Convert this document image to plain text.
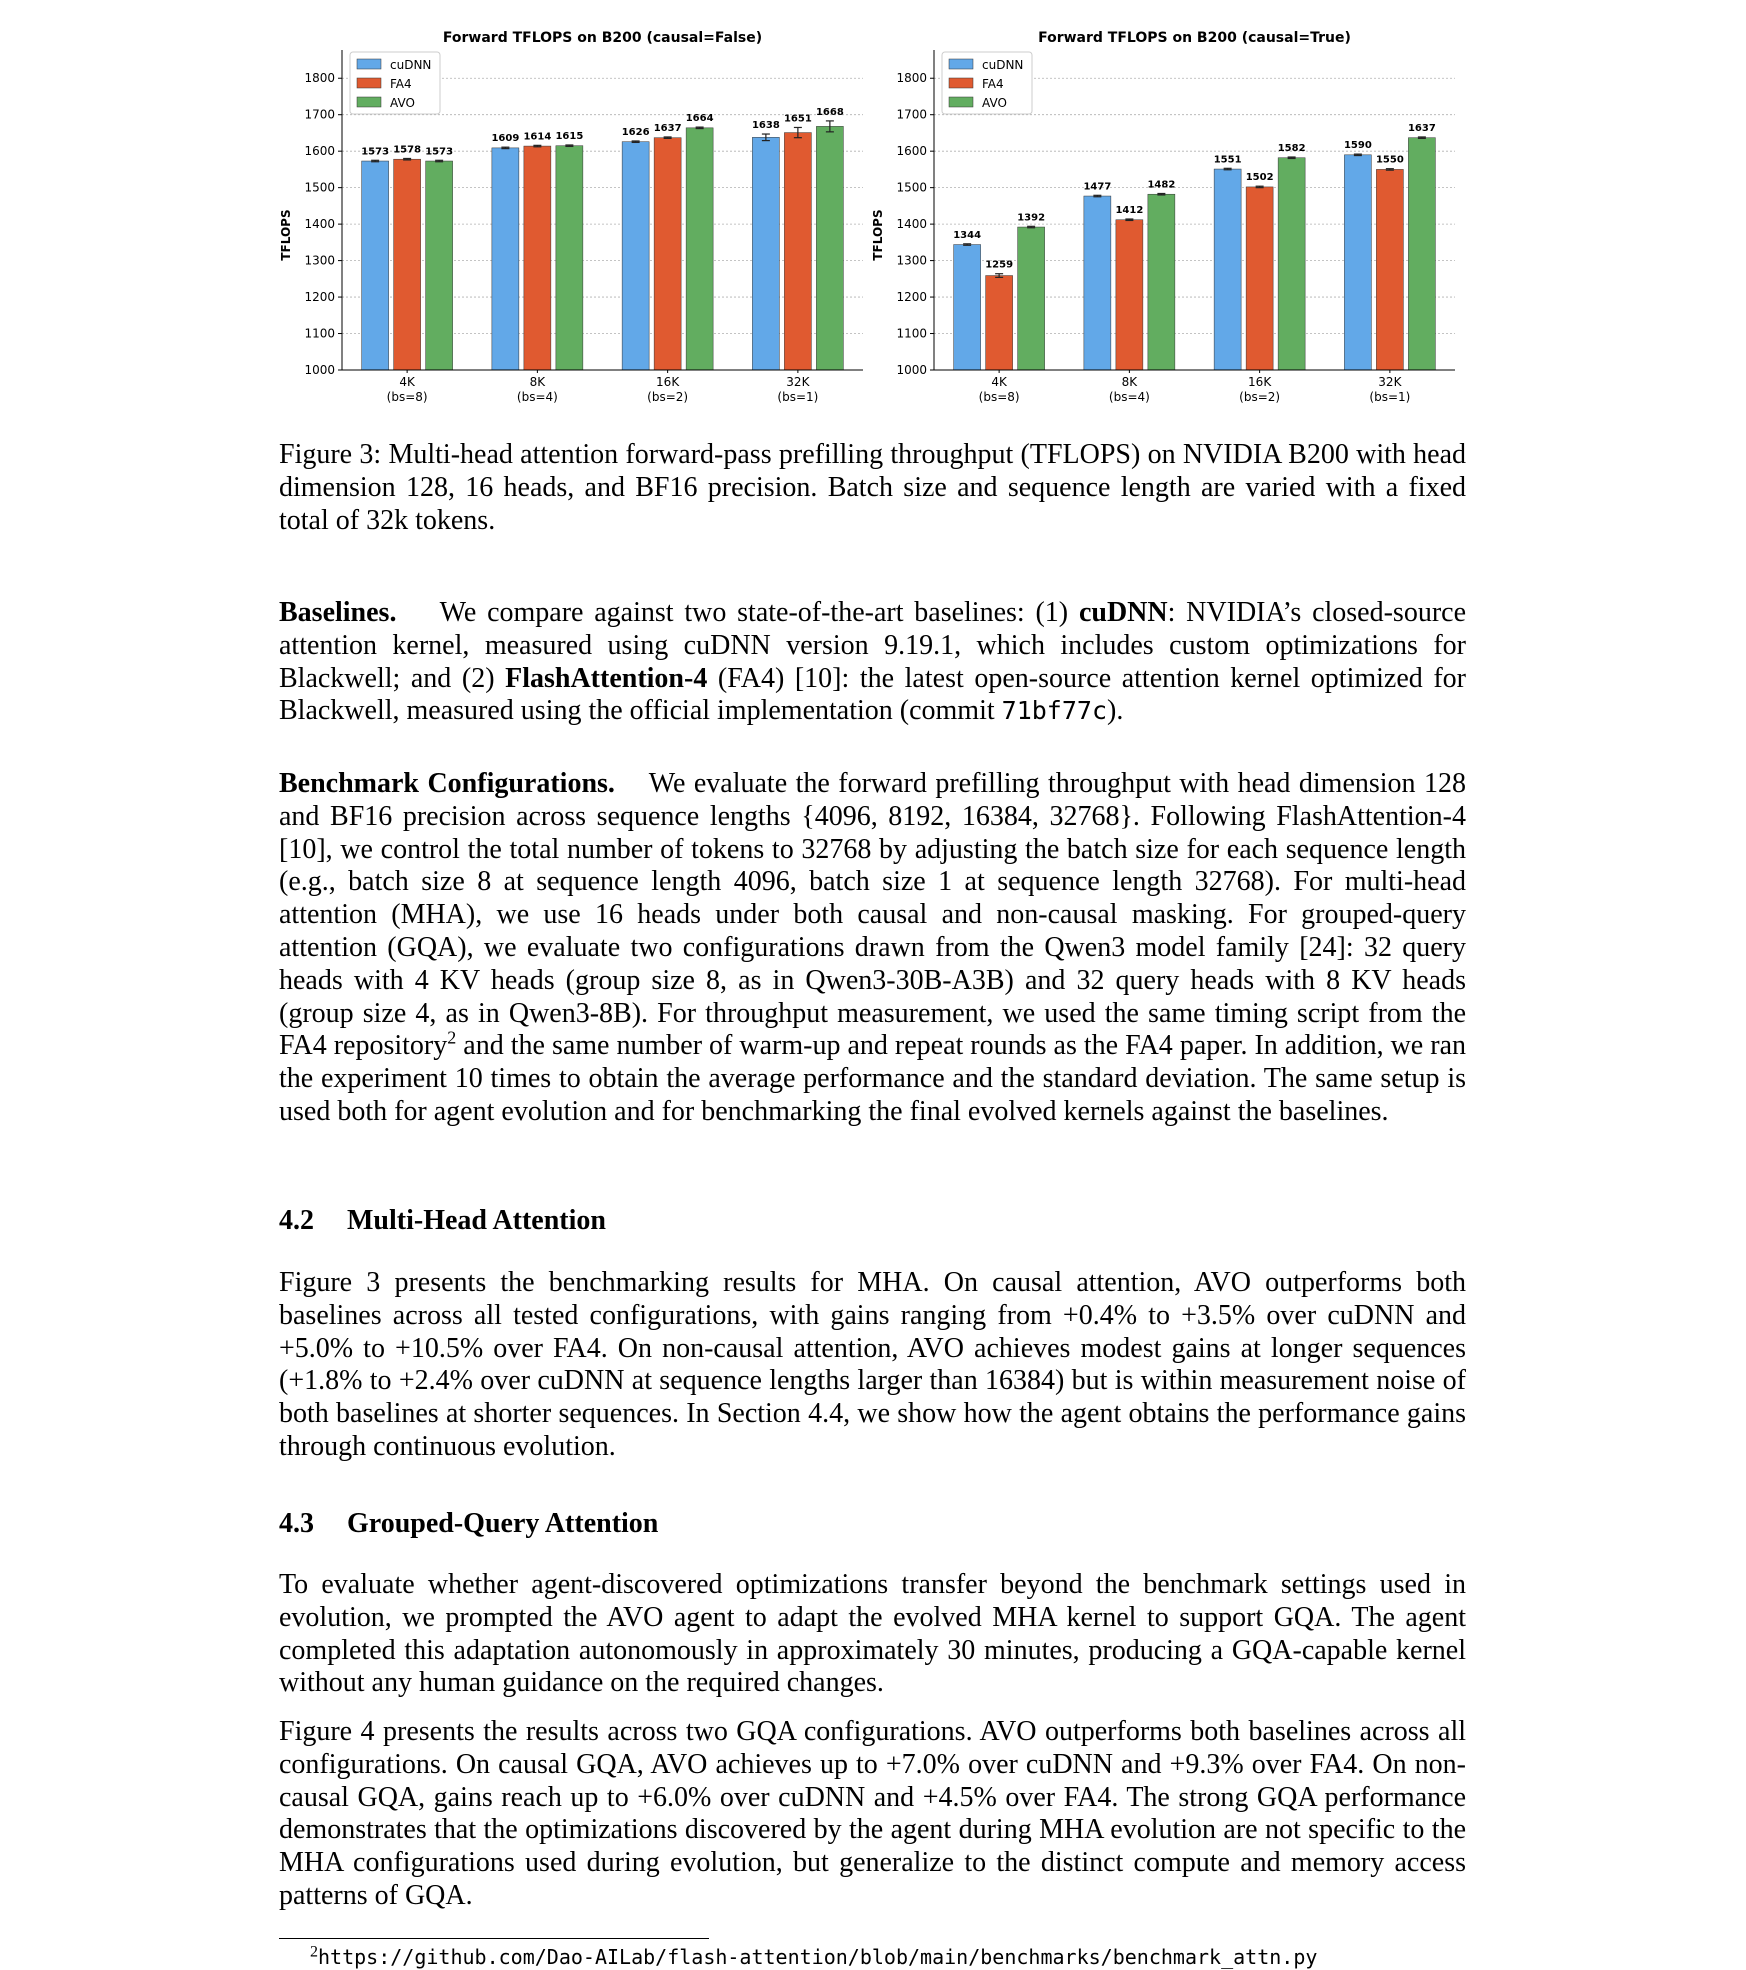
Forward TFLOPS on B200 (causal=False)
1000
1100
1200
1300
1400
1500
1600
1700
1800
TFLOPS
1573 1578 1573
4K
(bs=8)
1609 1614 1615
8K
(bs=4)
1626 1637
1664
16K
(bs=2)
1638
1651
1668
32K
(bs=1)
cuDNN
FA4
AVO
Forward TFLOPS on B200 (causal=True)
1000
1100
1200
1300
1400
1500
1600
1700
1800
TFLOPS	1344
1259
1392
4K
(bs=8)
1477
1412
1482
8K
(bs=4)
1551
1502
1582
16K
(bs=2)
1590
1550
1637
32K
(bs=1)
cuDNN
FA4
AVO
Figure 3: Multi-head attention forward-pass prefilling throughput (TFLOPS) on NVIDIA B200 with head dimension 128, 16 heads, and BF16 precision. Batch size and sequence length are varied with a fixed total of 32k tokens.

Baselines. We compare against two state-of-the-art baselines: (1) cuDNN: NVIDIA’s closed-source attention kernel, measured using cuDNN version 9.19.1, which includes custom optimizations for Blackwell; and (2) FlashAttention-4 (FA4) [10]: the latest open-source attention kernel optimized for Blackwell, measured using the official implementation (commit 71bf77c).

Benchmark Configurations. We evaluate the forward prefilling throughput with head dimension 128 and BF16 precision across sequence lengths {4096, 8192, 16384, 32768}. Following FlashAttention-4 [10], we control the total number of tokens to 32768 by adjusting the batch size for each sequence length (e.g., batch size 8 at sequence length 4096, batch size 1 at sequence length 32768). For multi-head attention (MHA), we use 16 heads under both causal and non-causal masking. For grouped-query attention (GQA), we evaluate two configurations drawn from the Qwen3 model family [24]: 32 query heads with 4 KV heads (group size 8, as in Qwen3-30B-A3B) and 32 query heads with 8 KV heads (group size 4, as in Qwen3-8B). For throughput measurement, we used the same timing script from the FA4 repository$^2$ and the same number of warm-up and repeat rounds as the FA4 paper. In addition, we ran the experiment 10 times to obtain the average performance and the standard deviation. The same setup is used both for agent evolution and for benchmarking the final evolved kernels against the baselines.

4.2 Multi-Head Attention

Figure 3 presents the benchmarking results for MHA. On causal attention, AVO outperforms both baselines across all tested configurations, with gains ranging from +0.4% to +3.5% over cuDNN and +5.0% to +10.5% over FA4. On non-causal attention, AVO achieves modest gains at longer sequences (+1.8% to +2.4% over cuDNN at sequence lengths larger than 16384) but is within measurement noise of both baselines at shorter sequences. In Section 4.4, we show how the agent obtains the performance gains through continuous evolution.

4.3 Grouped-Query Attention

To evaluate whether agent-discovered optimizations transfer beyond the benchmark settings used in evolution, we prompted the AVO agent to adapt the evolved MHA kernel to support GQA. The agent completed this adaptation autonomously in approximately 30 minutes, producing a GQA-capable kernel without any human guidance on the required changes.

Figure 4 presents the results across two GQA configurations. AVO outperforms both baselines across all configurations. On causal GQA, AVO achieves up to +7.0% over cuDNN and +9.3% over FA4. On non-causal GQA, gains reach up to +6.0% over cuDNN and +4.5% over FA4. The strong GQA performance demonstrates that the optimizations discovered by the agent during MHA evolution are not specific to the MHA configurations used during evolution, but generalize to the distinct compute and memory access patterns of GQA.

$^2$https://github.com/Dao-AILab/flash-attention/blob/main/benchmarks/benchmark_attn.py
